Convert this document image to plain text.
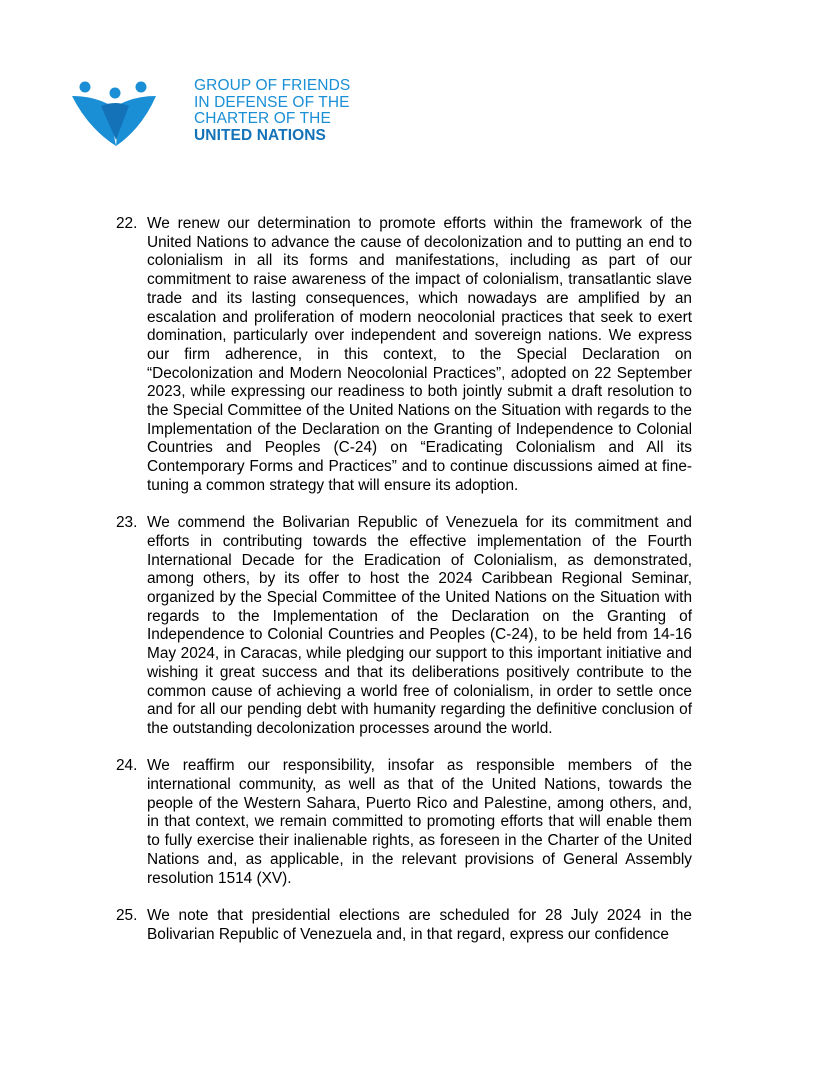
GROUP OF FRIENDS
IN DEFENSE OF THE
CHARTER OF THE
UNITED NATIONS
22. We renew our determination to promote efforts within the framework of the United Nations to advance the cause of decolonization and to putting an end to colonialism in all its forms and manifestations, including as part of our commitment to raise awareness of the impact of colonialism, transatlantic slave trade and its lasting consequences, which nowadays are amplified by an escalation and proliferation of modern neocolonial practices that seek to exert domination, particularly over independent and sovereign nations. We express our firm adherence, in this context, to the Special Declaration on “Decolonization and Modern Neocolonial Practices”, adopted on 22 September 2023, while expressing our readiness to both jointly submit a draft resolution to the Special Committee of the United Nations on the Situation with regards to the Implementation of the Declaration on the Granting of Independence to Colonial Countries and Peoples (C-24) on “Eradicating Colonialism and All its Contemporary Forms and Practices” and to continue discussions aimed at fine-tuning a common strategy that will ensure its adoption.
23. We commend the Bolivarian Republic of Venezuela for its commitment and efforts in contributing towards the effective implementation of the Fourth International Decade for the Eradication of Colonialism, as demonstrated, among others, by its offer to host the 2024 Caribbean Regional Seminar, organized by the Special Committee of the United Nations on the Situation with regards to the Implementation of the Declaration on the Granting of Independence to Colonial Countries and Peoples (C-24), to be held from 14-16 May 2024, in Caracas, while pledging our support to this important initiative and wishing it great success and that its deliberations positively contribute to the common cause of achieving a world free of colonialism, in order to settle once and for all our pending debt with humanity regarding the definitive conclusion of the outstanding decolonization processes around the world.
24. We reaffirm our responsibility, insofar as responsible members of the international community, as well as that of the United Nations, towards the people of the Western Sahara, Puerto Rico and Palestine, among others, and, in that context, we remain committed to promoting efforts that will enable them to fully exercise their inalienable rights, as foreseen in the Charter of the United Nations and, as applicable, in the relevant provisions of General Assembly resolution 1514 (XV).
25. We note that presidential elections are scheduled for 28 July 2024 in the Bolivarian Republic of Venezuela and, in that regard, express our confidence
